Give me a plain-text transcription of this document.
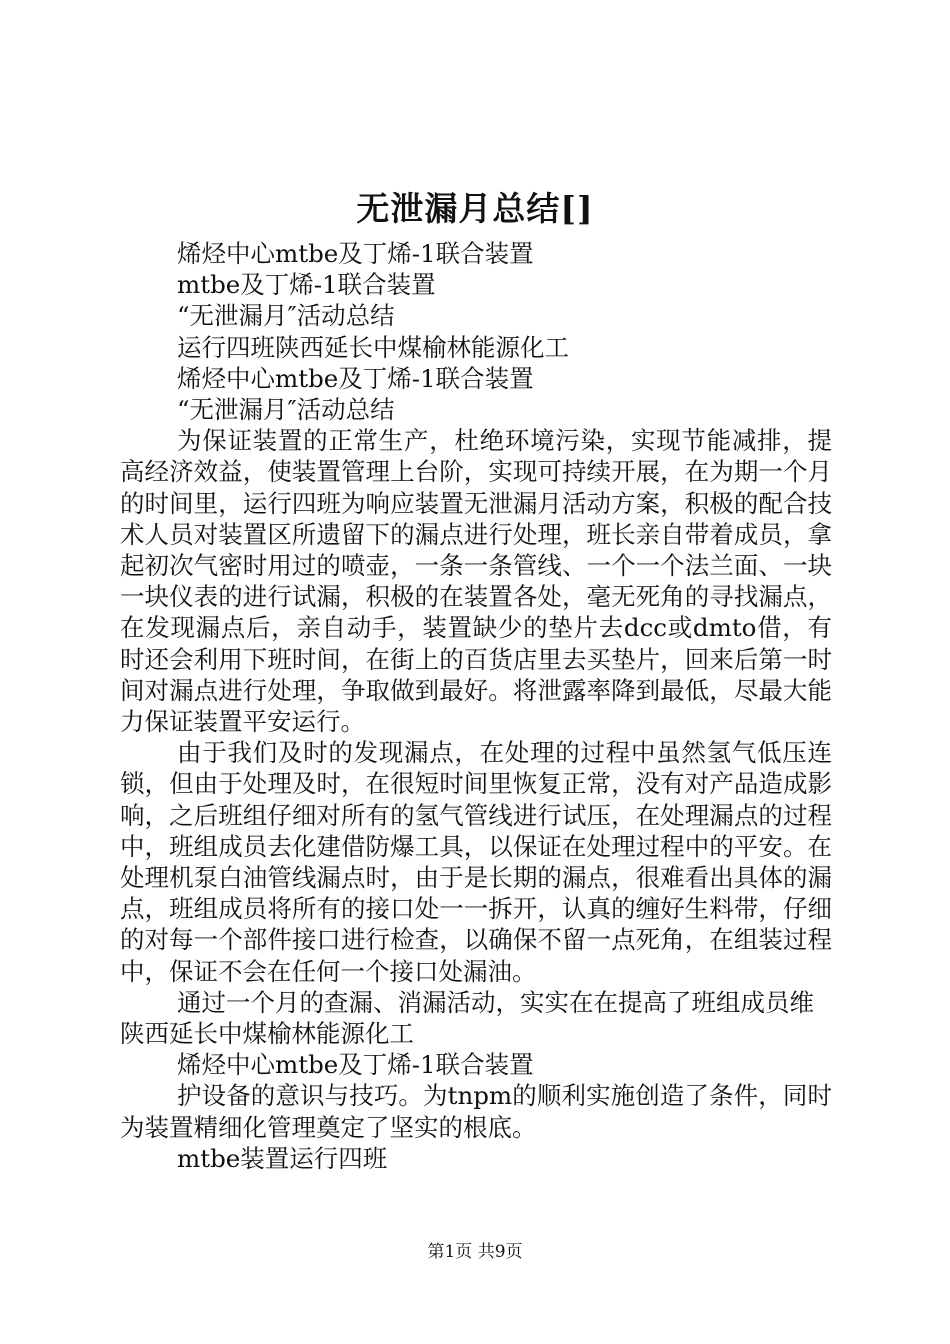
无泄漏月总结[]

烯烃中心mtbe及丁烯-1联合装置

mtbe及丁烯-1联合装置

“无泄漏月″活动总结

运行四班陕西延长中煤榆林能源化工

烯烃中心mtbe及丁烯-1联合装置

“无泄漏月″活动总结

为保证装置的正常生产，杜绝环境污染，实现节能减排，提高经济效益，使装置管理上台阶，实现可持续开展，在为期一个月的时间里，运行四班为响应装置无泄漏月活动方案，积极的配合技术人员对装置区所遗留下的漏点进行处理，班长亲自带着成员，拿起初次气密时用过的喷壶，一条一条管线、一个一个法兰面、一块一块仪表的进行试漏，积极的在装置各处，毫无死角的寻找漏点，在发现漏点后，亲自动手，装置缺少的垫片去dcc或dmto借，有时还会利用下班时间，在街上的百货店里去买垫片，回来后第一时间对漏点进行处理，争取做到最好。将泄露率降到最低，尽最大能力保证装置平安运行。

由于我们及时的发现漏点，在处理的过程中虽然氢气低压连锁，但由于处理及时，在很短时间里恢复正常，没有对产品造成影响，之后班组仔细对所有的氢气管线进行试压，在处理漏点的过程中，班组成员去化建借防爆工具，以保证在处理过程中的平安。在处理机泵白油管线漏点时，由于是长期的漏点，很难看出具体的漏点，班组成员将所有的接口处一一拆开，认真的缠好生料带，仔细的对每一个部件接口进行检查，以确保不留一点死角，在组装过程中，保证不会在任何一个接口处漏油。

通过一个月的查漏、消漏活动，实实在在提高了班组成员维

陕西延长中煤榆林能源化工

烯烃中心mtbe及丁烯-1联合装置

护设备的意识与技巧。为tnpm的顺利实施创造了条件，同时为装置精细化管理奠定了坚实的根底。

mtbe装置运行四班

第1页 共9页
